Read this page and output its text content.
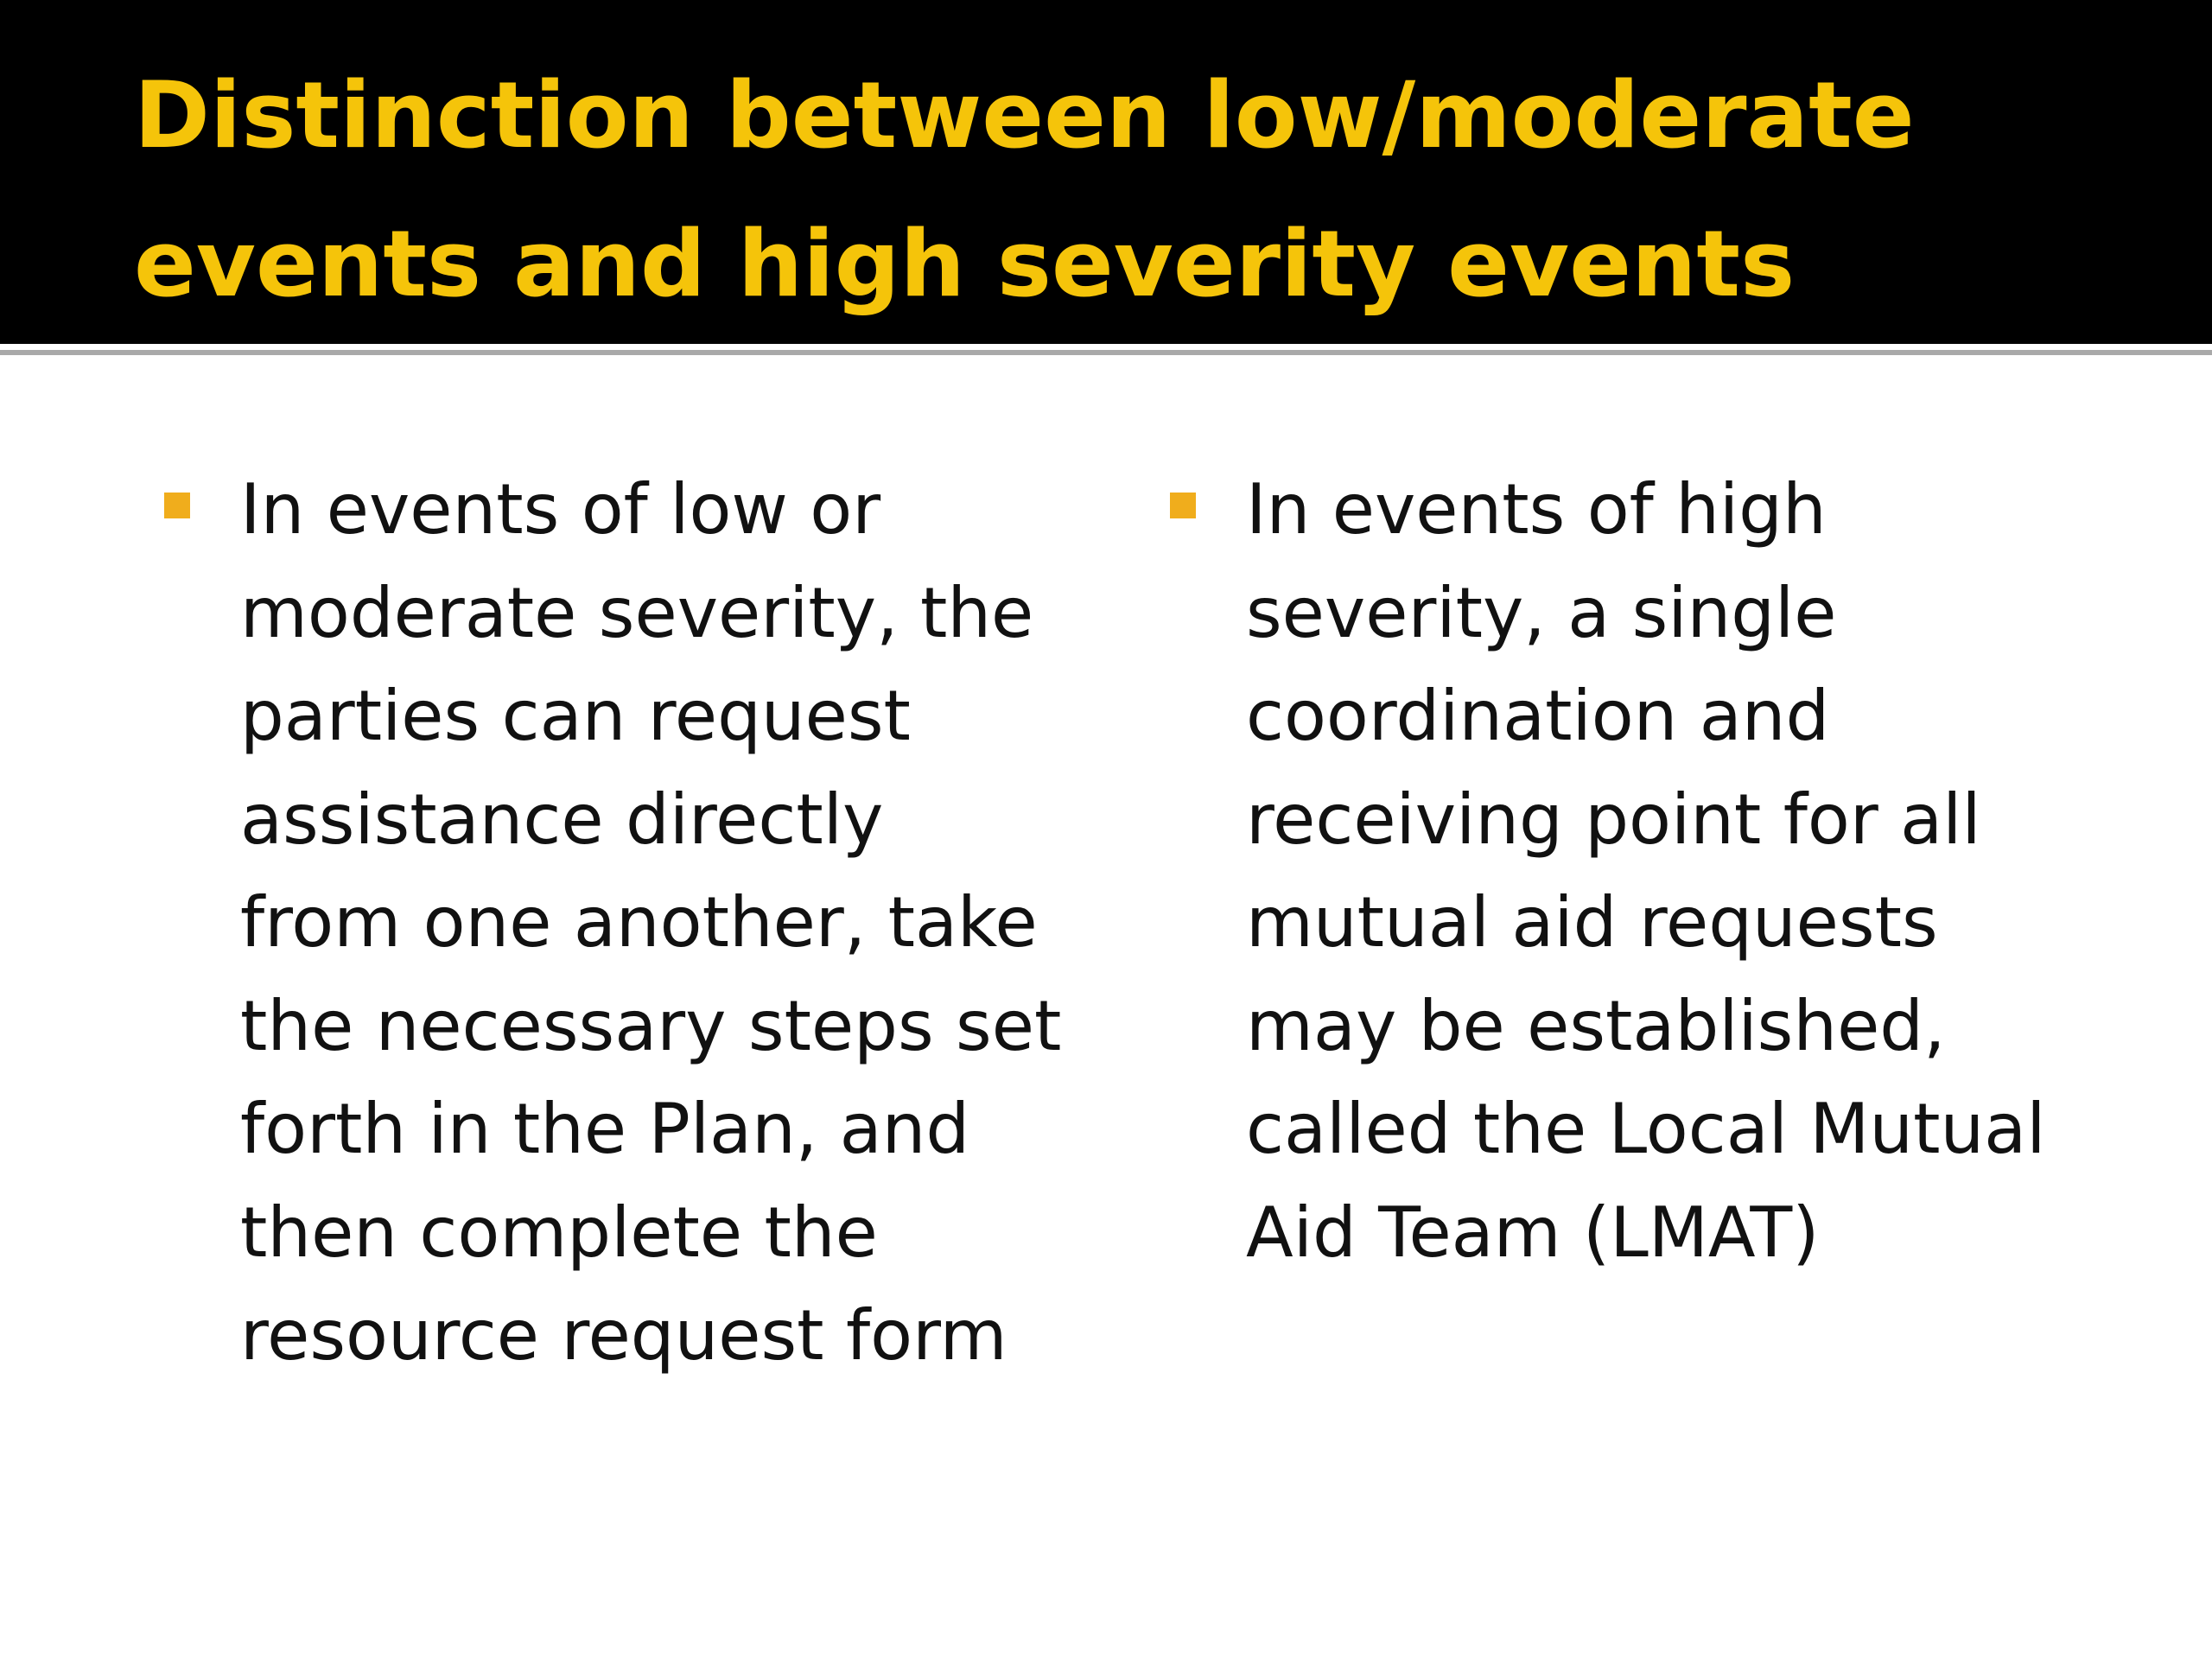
Distinction between low/moderate
events and high severity events

In events of low or
moderate severity, the
parties can request
assistance directly
from one another, take
the necessary steps set
forth in the Plan, and
then complete the
resource request form

In events of high
severity, a single
coordination and
receiving point for all
mutual aid requests
may be established,
called the Local Mutual
Aid Team (LMAT)
